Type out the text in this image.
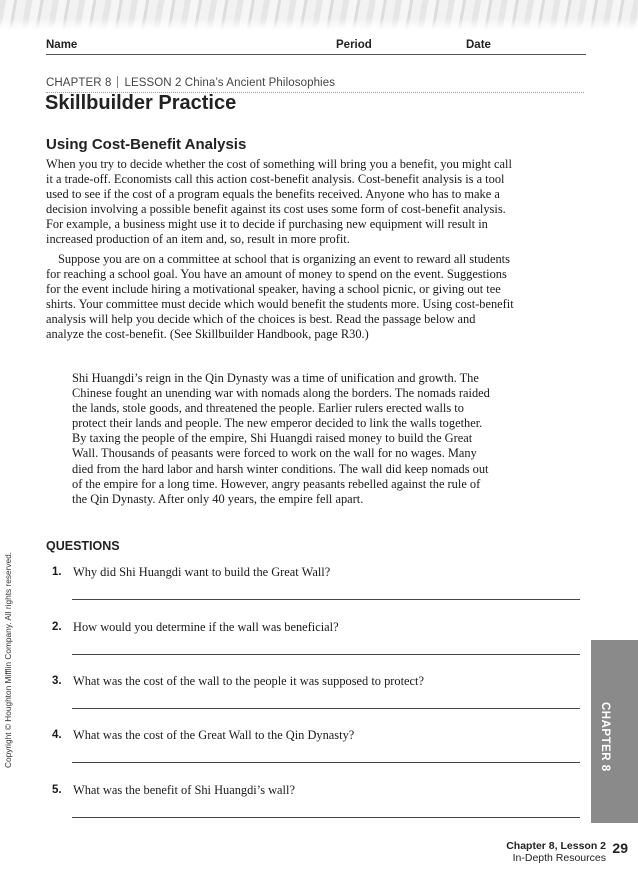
Name	Period	Date
CHAPTER 8 LESSON 2 China’s Ancient Philosophies
Skillbuilder Practice
Using Cost-Benefit Analysis

When you try to decide whether the cost of something will bring you a benefit, you might call it a trade-off. Economists call this action cost-benefit analysis. Cost-benefit analysis is a tool used to see if the cost of a program equals the benefits received. Anyone who has to make a decision involving a possible benefit against its cost uses some form of cost-benefit analysis. For example, a business might use it to decide if purchasing new equipment will result in increased production of an item and, so, result in more profit.

Suppose you are on a committee at school that is organizing an event to reward all students for reaching a school goal. You have an amount of money to spend on the event. Suggestions for the event include hiring a motivational speaker, having a school picnic, or giving out tee shirts. Your committee must decide which would benefit the students more. Using cost-benefit analysis will help you decide which of the choices is best. Read the passage below and analyze the cost-benefit. (See Skillbuilder Handbook, page R30.)

Shi Huangdi’s reign in the Qin Dynasty was a time of unification and growth. The Chinese fought an unending war with nomads along the borders. The nomads raided the lands, stole goods, and threatened the people. Earlier rulers erected walls to protect their lands and people. The new emperor decided to link the walls together. By taxing the people of the empire, Shi Huangdi raised money to build the Great Wall. Thousands of peasants were forced to work on the wall for no wages. Many died from the hard labor and harsh winter conditions. The wall did keep nomads out of the empire for a long time. However, angry peasants rebelled against the rule of the Qin Dynasty. After only 40 years, the empire fell apart.

QUESTIONS
1. Why did Shi Huangdi want to build the Great Wall?
2. How would you determine if the wall was beneficial?
3. What was the cost of the wall to the people it was supposed to protect?
4. What was the cost of the Great Wall to the Qin Dynasty?
5. What was the benefit of Shi Huangdi’s wall?
Copyright © Houghton Mifflin Company. All rights reserved.	CHAPTER 8
Chapter 8, Lesson 2
In-Depth Resources
29
